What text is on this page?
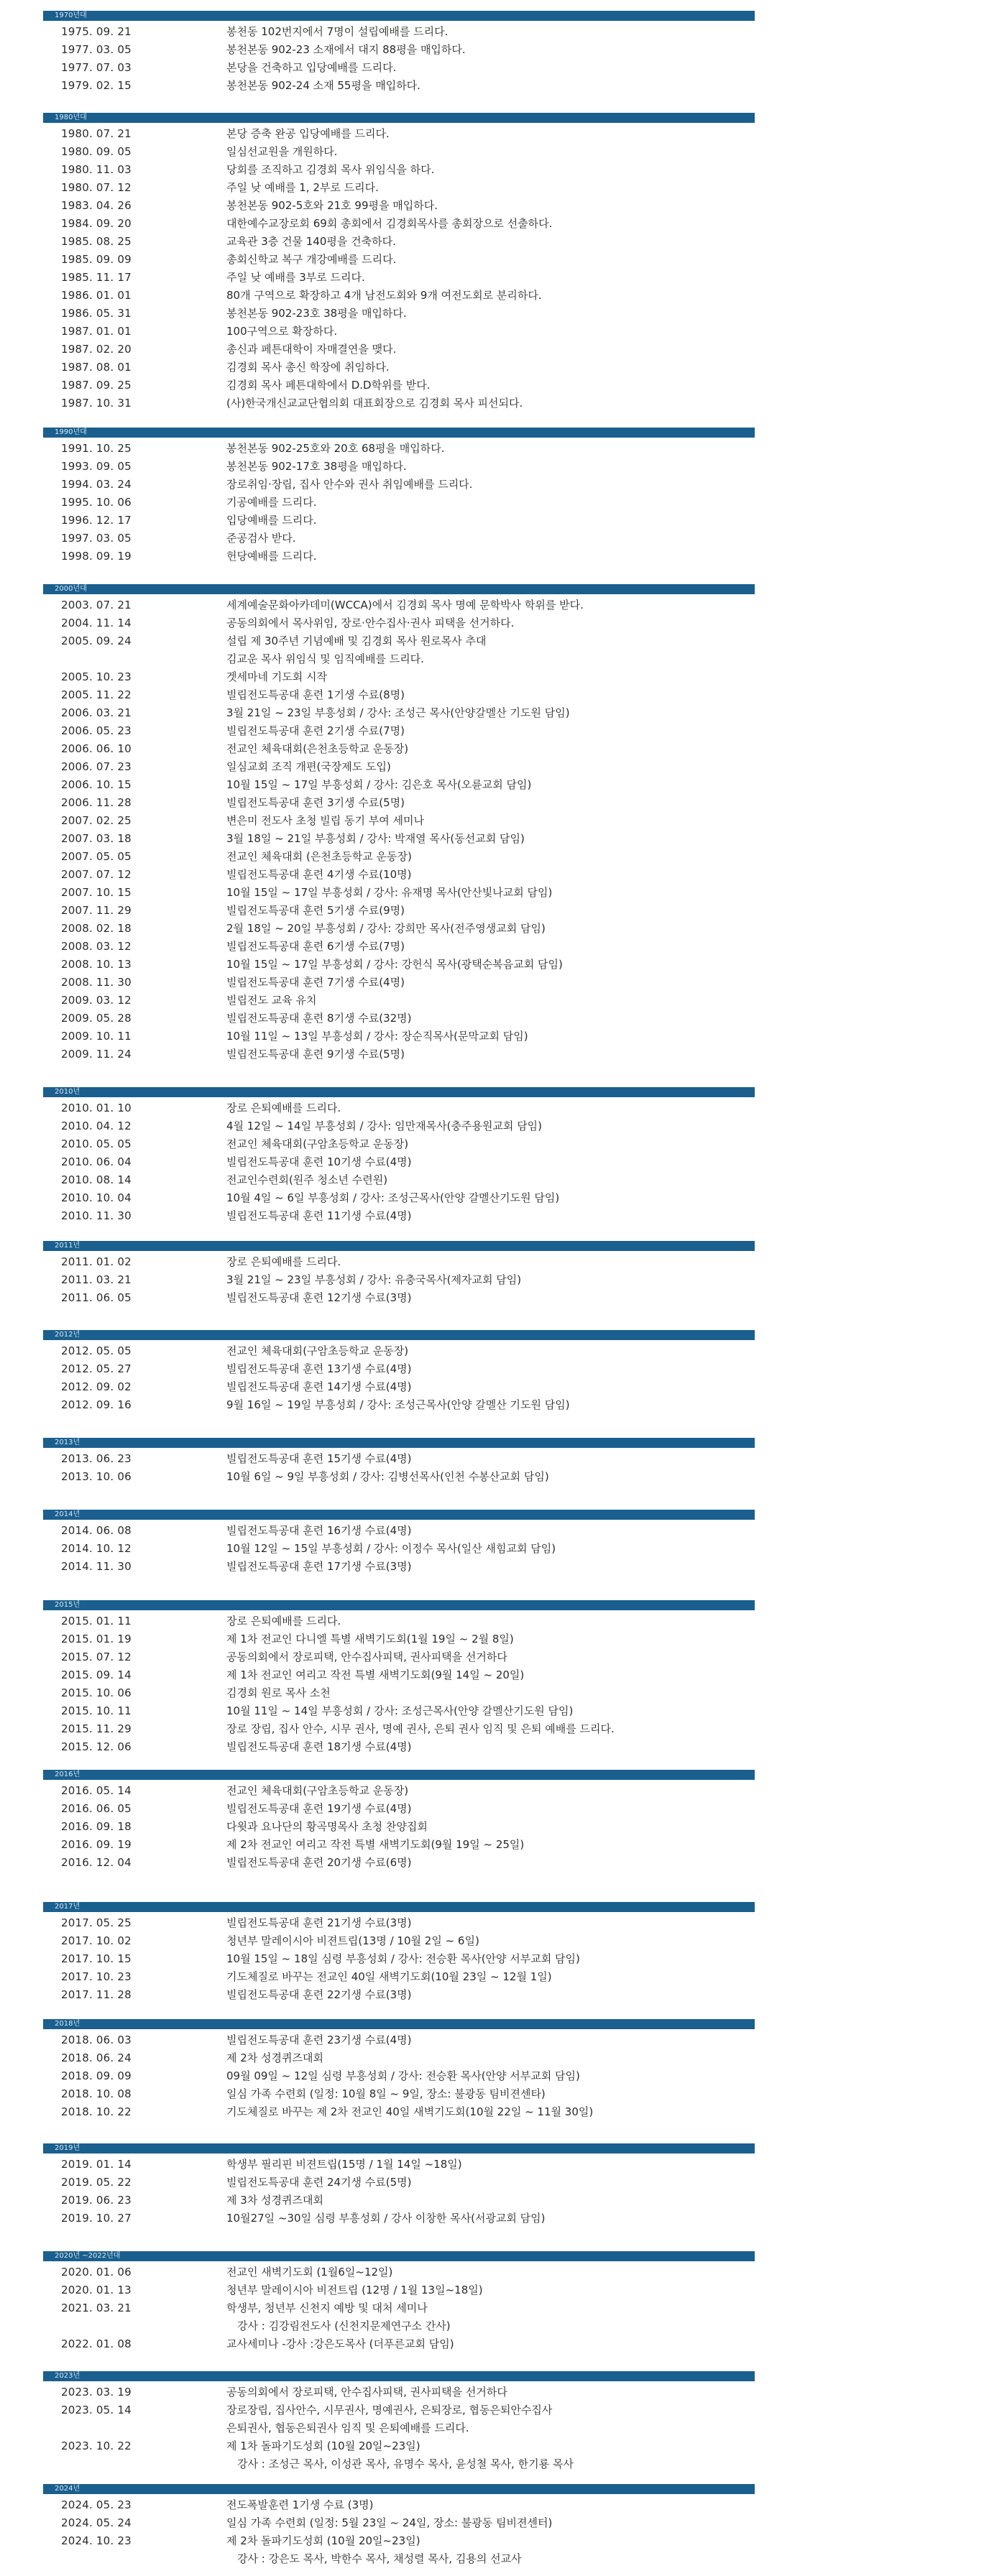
1970년대
1975. 09. 21	봉천동 102번지에서 7명이 설립예배를 드리다.
1977. 03. 05	봉천본동 902-23 소재에서 대지 88평을 매입하다.
1977. 07. 03	본당을 건축하고 입당예배를 드리다.
1979. 02. 15	봉천본동 902-24 소재 55평을 매입하다.
1980년대
1980. 07. 21	본당 증축 완공 입당예배를 드리다.
1980. 09. 05	일심선교원을 개원하다.
1980. 11. 03	당회를 조직하고 김경회 목사 위임식을 하다.
1980. 07. 12	주일 낮 예배를 1, 2부로 드리다.
1983. 04. 26	봉천본동 902-5호와 21호 99평을 매입하다.
1984. 09. 20	대한예수교장로회 69회 총회에서 김경회목사를 총회장으로 선출하다.
1985. 08. 25	교육관 3층 건물 140평을 건축하다.
1985. 09. 09	총회신학교 복구 개강예배를 드리다.
1985. 11. 17	주일 낮 예배를 3부로 드리다.
1986. 01. 01	80개 구역으로 확장하고 4개 남전도회와 9개 여전도회로 분리하다.
1986. 05. 31	봉천본동 902-23호 38평을 매입하다.
1987. 01. 01	100구역으로 확장하다.
1987. 02. 20	총신과 페튼대학이 자매결연을 맺다.
1987. 08. 01	김경회 목사 총신 학장에 취임하다.
1987. 09. 25	김경회 목사 페튼대학에서 D.D학위를 받다.
1987. 10. 31	(사)한국개신교교단협의회 대표회장으로 김경회 목사 피선되다.
1990년대
1991. 10. 25	봉천본동 902-25호와 20호 68평을 매입하다.
1993. 09. 05	봉천본동 902-17호 38평을 매입하다.
1994. 03. 24	장로취임·장립, 집사 안수와 권사 취임예배를 드리다.
1995. 10. 06	기공예배를 드리다.
1996. 12. 17	입당예배를 드리다.
1997. 03. 05	준공검사 받다.
1998. 09. 19	헌당예배를 드리다.
2000년대
2003. 07. 21	세계예술문화아카데미(WCCA)에서 김경회 목사 명예 문학박사 학위를 받다.
2004. 11. 14	공동의회에서 목사위임, 장로·안수집사·권사 피택을 선거하다.
2005. 09. 24	설립 제 30주년 기념예배 및 김경회 목사 원로목사 추대
김교운 목사 위임식 및 임직예배를 드리다.
2005. 10. 23	겟세마네 기도회 시작
2005. 11. 22	빌립전도특공대 훈련 1기생 수료(8명)
2006. 03. 21	3월 21일 ~ 23일 부흥성회 / 강사: 조성근 목사(안양갈멜산 기도원 담임)
2006. 05. 23	빌립전도특공대 훈련 2기생 수료(7명)
2006. 06. 10	전교인 체육대회(은천초등학교 운동장)
2006. 07. 23	일심교회 조직 개편(국장제도 도입)
2006. 10. 15	10월 15일 ~ 17일 부흥성회 / 강사: 김은호 목사(오륜교회 담임)
2006. 11. 28	빌립전도특공대 훈련 3기생 수료(5명)
2007. 02. 25	변은미 전도사 초청 빌립 동기 부여 세미나
2007. 03. 18	3월 18일 ~ 21일 부흥성회 / 강사: 박재열 목사(동선교회 담임)
2007. 05. 05	전교인 체육대회 (은천초등학교 운동장)
2007. 07. 12	빌립전도특공대 훈련 4기생 수료(10명)
2007. 10. 15	10월 15일 ~ 17일 부흥성회 / 강사: 유재명 목사(안산빛나교회 담임)
2007. 11. 29	빌립전도특공대 훈련 5기생 수료(9명)
2008. 02. 18	2월 18일 ~ 20일 부흥성회 / 강사: 강희만 목사(전주영생교회 담임)
2008. 03. 12	빌립전도특공대 훈련 6기생 수료(7명)
2008. 10. 13	10월 15일 ~ 17일 부흥성회 / 강사: 강헌식 목사(광택순복음교회 담임)
2008. 11. 30	빌립전도특공대 훈련 7기생 수료(4명)
2009. 03. 12	빌립전도 교육 유치
2009. 05. 28	빌립전도특공대 훈련 8기생 수료(32명)
2009. 10. 11	10월 11일 ~ 13일 부흥성회 / 강사: 장순직목사(문막교회 담임)
2009. 11. 24	빌립전도특공대 훈련 9기생 수료(5명)
2010년
2010. 01. 10	장로 은퇴예배를 드리다.
2010. 04. 12	4월 12일 ~ 14일 부흥성회 / 강사: 임만재목사(충주용원교회 담임)
2010. 05. 05	전교인 체육대회(구암초등학교 운동장)
2010. 06. 04	빌립전도특공대 훈련 10기생 수료(4명)
2010. 08. 14	전교인수련회(원주 청소년 수련원)
2010. 10. 04	10월 4일 ~ 6일 부흥성회 / 강사: 조성근목사(안양 갈멜산기도원 담임)
2010. 11. 30	빌립전도특공대 훈련 11기생 수료(4명)
2011년
2011. 01. 02	장로 은퇴예배를 드리다.
2011. 03. 21	3월 21일 ~ 23일 부흥성회 / 강사: 유충국목사(제자교회 담임)
2011. 06. 05	빌립전도특공대 훈련 12기생 수료(3명)
2012년
2012. 05. 05	전교인 체육대회(구암초등학교 운동장)
2012. 05. 27	빌립전도특공대 훈련 13기생 수료(4명)
2012. 09. 02	빌립전도특공대 훈련 14기생 수료(4명)
2012. 09. 16	9월 16일 ~ 19일 부흥성회 / 강사: 조성근목사(안양 갈멜산 기도원 담임)
2013년
2013. 06. 23	빌립전도특공대 훈련 15기생 수료(4명)
2013. 10. 06	10월 6일 ~ 9일 부흥성회 / 강사: 김병선목사(인천 수봉산교회 담임)
2014년
2014. 06. 08	빌립전도특공대 훈련 16기생 수료(4명)
2014. 10. 12	10월 12일 ~ 15일 부흥성회 / 강사: 이정수 목사(일산 새힘교회 담임)
2014. 11. 30	빌립전도특공대 훈련 17기생 수료(3명)
2015년
2015. 01. 11	장로 은퇴예배를 드리다.
2015. 01. 19	제 1차 전교인 다니엘 특별 새벽기도회(1월 19일 ~ 2월 8일)
2015. 07. 12	공동의회에서 장로피택, 안수집사피택, 권사피택을 선거하다
2015. 09. 14	제 1차 전교인 여리고 작전 특별 새벽기도회(9월 14일 ~ 20일)
2015. 10. 06	김경회 원로 목사 소천
2015. 10. 11	10월 11일 ~ 14일 부흥성회 / 강사: 조성근목사(안양 갈멜산기도원 담임)
2015. 11. 29	장로 장립, 집사 안수, 시무 권사, 명예 권사, 은퇴 권사 임직 및 은퇴 예배를 드리다.
2015. 12. 06	빌립전도특공대 훈련 18기생 수료(4명)
2016년
2016. 05. 14	전교인 체육대회(구암초등학교 운동장)
2016. 06. 05	빌립전도특공대 훈련 19기생 수료(4명)
2016. 09. 18	다윗과 요나단의 황곡명목사 초청 찬양집회
2016. 09. 19	제 2차 전교인 여리고 작전 특별 새벽기도회(9월 19일 ~ 25일)
2016. 12. 04	빌립전도특공대 훈련 20기생 수료(6명)
2017년
2017. 05. 25	빌립전도특공대 훈련 21기생 수료(3명)
2017. 10. 02	청년부 말레이시아 비젼트립(13명 / 10월 2일 ~ 6일)
2017. 10. 15	10월 15일 ~ 18일 심령 부흥성회 / 강사: 전승환 목사(안양 서부교회 담임)
2017. 10. 23	기도체질로 바꾸는 전교인 40일 새벽기도회(10월 23일 ~ 12월 1일)
2017. 11. 28	빌립전도특공대 훈련 22기생 수료(3명)
2018년
2018. 06. 03	빌립전도특공대 훈련 23기생 수료(4명)
2018. 06. 24	제 2차 성경퀴즈대회
2018. 09. 09	09월 09일 ~ 12일 심령 부흥성회 / 강사: 전승환 목사(안양 서부교회 담임)
2018. 10. 08	일심 가족 수련회 (일정: 10월 8일 ~ 9일, 장소: 불광동 팀비젼센타)
2018. 10. 22	기도체질로 바꾸는 제 2차 전교인 40일 새벽기도회(10월 22일 ~ 11월 30일)
2019년
2019. 01. 14	학생부 필리핀 비젼트립(15명 / 1월 14일 ~18일)
2019. 05. 22	빌립전도특공대 훈련 24기생 수료(5명)
2019. 06. 23	제 3차 성경퀴즈대회
2019. 10. 27	10월27일 ~30일 심령 부흥성회 / 강사 이창한 목사(서광교회 담임)
2020년 ~2022년대
2020. 01. 06	전교인 새벽기도회 (1월6일~12일)
2020. 01. 13	청년부 말레이시아 비전트립 (12명 / 1월 13일~18일)
2021. 03. 21	학생부, 청년부 신천지 예방 및 대처 세미나
강사 : 김강림전도사 (신천지문제연구소 간사)
2022. 01. 08	교사세미나 -강사 :강은도목사 (더푸른교회 담임)
2023년
2023. 03. 19	공동의회에서 장로피택, 안수집사피택, 권사피택을 선거하다
2023. 05. 14	장로장립, 집사안수, 시무권사, 명예권사, 은퇴장로, 협동은퇴안수집사
은퇴권사, 협동은퇴권사 임직 및 은퇴예배를 드리다.
2023. 10. 22	제 1차 돌파기도성회 (10월 20일~23일)
강사 : 조성근 목사, 이성관 목사, 유명수 목사, 윤성철 목사, 한기룡 목사
2024년
2024. 05. 23	전도폭발훈련 1기생 수료 (3명)
2024. 05. 24	일심 가족 수련회 (일정: 5월 23일 ~ 24일, 장소: 불광동 팀비젼센터)
2024. 10. 23	제 2차 돌파기도성회 (10월 20일~23일)
강사 : 강은도 목사, 박한수 목사, 채성렬 목사, 김용의 선교사
